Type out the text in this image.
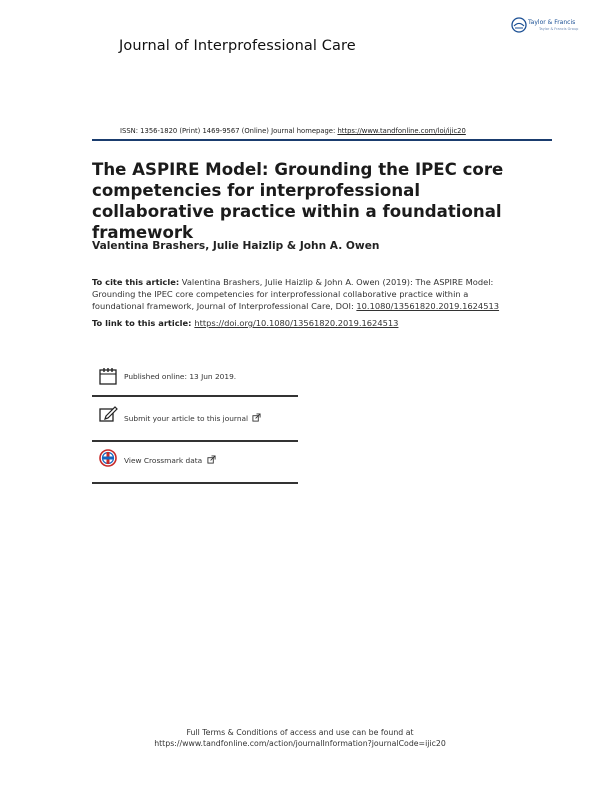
Journal of Interprofessional Care
Taylor & Francis
Taylor & Francis Group
ISSN: 1356-1820 (Print) 1469-9567 (Online) Journal homepage: https://www.tandfonline.com/loi/ijic20
The ASPIRE Model: Grounding the IPEC core competencies for interprofessional collaborative practice within a foundational framework
Valentina Brashers, Julie Haizlip & John A. Owen
To cite this article: Valentina Brashers, Julie Haizlip & John A. Owen (2019): The ASPIRE Model: Grounding the IPEC core competencies for interprofessional collaborative practice within a foundational framework, Journal of Interprofessional Care, DOI: 10.1080/13561820.2019.1624513
To link to this article: https://doi.org/10.1080/13561820.2019.1624513
Published online: 13 Jun 2019.
Submit your article to this journal
View Crossmark data
Full Terms & Conditions of access and use can be found at
https://www.tandfonline.com/action/journalInformation?journalCode=ijic20
